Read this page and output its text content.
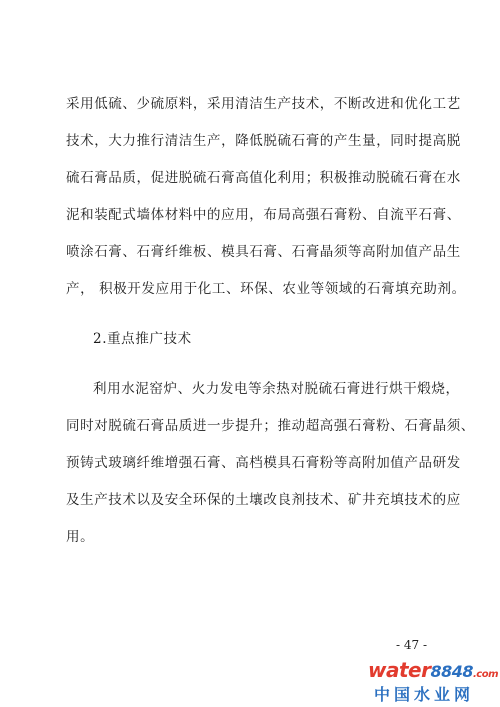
采用低硫、少硫原料，采用清洁生产技术，不断改进和优化工艺
技术，大力推行清洁生产，降低脱硫石膏的产生量，同时提高脱
硫石膏品质，促进脱硫石膏高值化利用；积极推动脱硫石膏在水
泥和装配式墙体材料中的应用，布局高强石膏粉、自流平石膏、
喷涂石膏、石膏纤维板、模具石膏、石膏晶须等高附加值产品生
产， 积极开发应用于化工、环保、农业等领域的石膏填充助剂。
2.重点推广技术
利用水泥窑炉、火力发电等余热对脱硫石膏进行烘干煅烧，
同时对脱硫石膏品质进一步提升；推动超高强石膏粉、石膏晶须、
预铸式玻璃纤维增强石膏、高档模具石膏粉等高附加值产品研发
及生产技术以及安全环保的土壤改良剂技术、矿井充填技术的应
用。
- 47 -
water8848.com
中国水业网
